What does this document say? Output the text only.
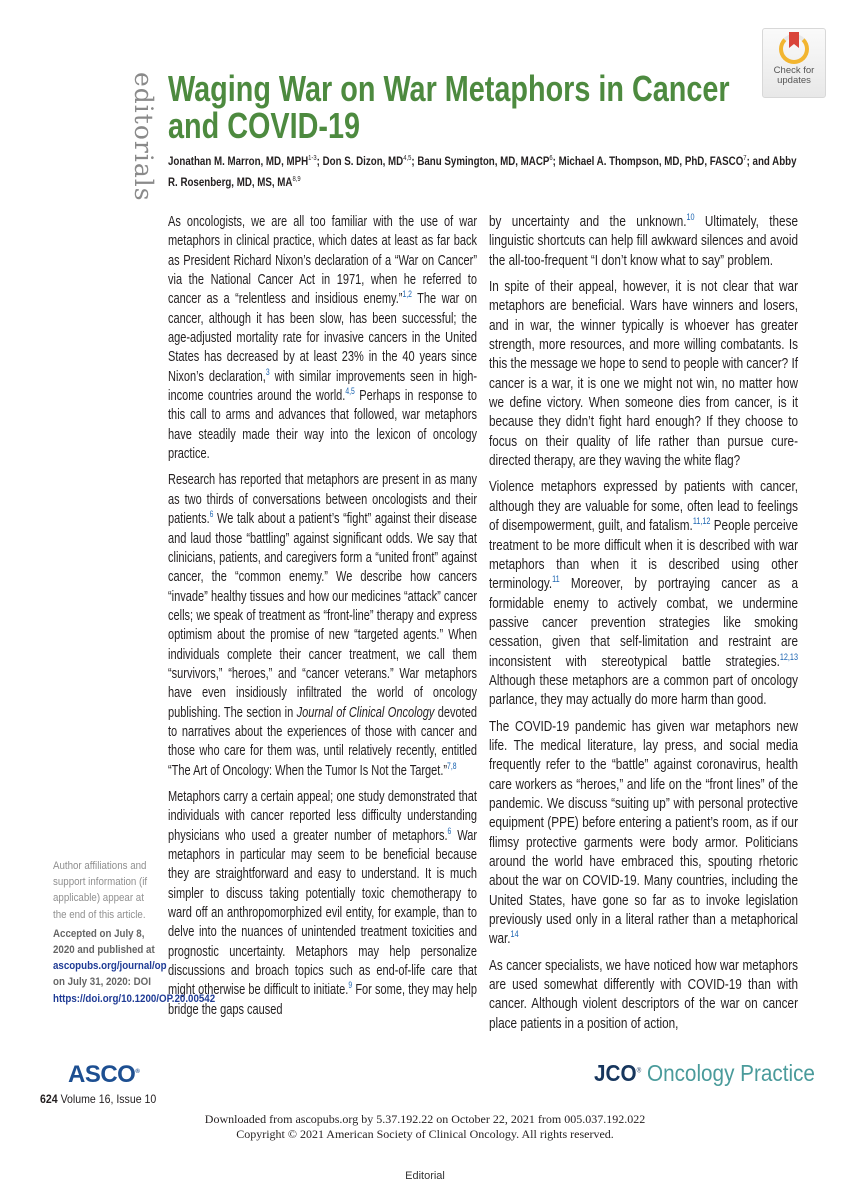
editorials Waging War on War Metaphors in Cancer and COVID-19
Jonathan M. Marron, MD, MPH$^{1-3}$; Don S. Dizon, MD$^{4,5}$; Banu Symington, MD, MACP$^6$; Michael A. Thompson, MD, PhD, FASCO$^7$; and Abby R. Rosenberg, MD, MS, MA$^{8,9}$
Check for
updates

As oncologists, we are all too familiar with the use of war metaphors in clinical practice, which dates at least as far back as President Richard Nixon’s declaration of a “War on Cancer” via the National Cancer Act in 1971, when he referred to cancer as a “relentless and insidious enemy.”$^{1,2}$ The war on cancer, although it has been slow, has been successful; the age-adjusted mortality rate for invasive cancers in the United States has decreased by at least 23% in the 40 years since Nixon’s declaration,$^3$ with similar improvements seen in high-income countries around the world.$^{4,5}$ Perhaps in response to this call to arms and advances that followed, war metaphors have steadily made their way into the lexicon of oncology practice.

Research has reported that metaphors are present in as many as two thirds of conversations between oncologists and their patients.$^6$ We talk about a patient’s “fight” against their disease and laud those “battling” against significant odds. We say that clinicians, patients, and caregivers form a “united front” against cancer, the “common enemy.” We describe how cancers “invade” healthy tissues and how our medicines “attack” cancer cells; we speak of treatment as “front-line” therapy and express optimism about the promise of new “targeted agents.” When individuals complete their cancer treatment, we call them “survivors,” “heroes,” and “cancer veterans.” War metaphors have even insidiously infiltrated the world of oncology publishing. The section in Journal of Clinical Oncology devoted to narratives about the experiences of those with cancer and those who care for them was, until relatively recently, entitled “The Art of Oncology: When the Tumor Is Not the Target.”$^{7,8}$

Metaphors carry a certain appeal; one study demonstrated that individuals with cancer reported less difficulty understanding physicians who used a greater number of metaphors.$^6$ War metaphors in particular may seem to be beneficial because they are straightforward and easy to understand. It is much simpler to discuss taking potentially toxic chemotherapy to ward off an anthropomorphized evil entity, for example, than to delve into the nuances of unintended treatment toxicities and prognostic uncertainty. Metaphors may help personalize discussions and broach topics such as end-of-life care that might otherwise be difficult to initiate.$^9$ For some, they may help bridge the gaps caused

by uncertainty and the unknown.$^{10}$ Ultimately, these linguistic shortcuts can help fill awkward silences and avoid the all-too-frequent “I don’t know what to say” problem.

In spite of their appeal, however, it is not clear that war metaphors are beneficial. Wars have winners and losers, and in war, the winner typically is whoever has greater strength, more resources, and more willing combatants. Is this the message we hope to send to people with cancer? If cancer is a war, it is one we might not win, no matter how we define victory. When someone dies from cancer, is it because they didn’t fight hard enough? If they choose to focus on their quality of life rather than pursue cure-directed therapy, are they waving the white flag?

Violence metaphors expressed by patients with cancer, although they are valuable for some, often lead to feelings of disempowerment, guilt, and fatalism.$^{11,12}$ People perceive treatment to be more difficult when it is described with war metaphors than when it is described using other terminology.$^{11}$ Moreover, by portraying cancer as a formidable enemy to actively combat, we undermine passive cancer prevention strategies like smoking cessation, given that self-limitation and restraint are inconsistent with stereotypical battle strategies.$^{12,13}$ Although these metaphors are a common part of oncology parlance, they may actually do more harm than good.

The COVID-19 pandemic has given war metaphors new life. The medical literature, lay press, and social media frequently refer to the “battle” against coronavirus, health care workers as “heroes,” and life on the “front lines” of the pandemic. We discuss “suiting up” with personal protective equipment (PPE) before entering a patient’s room, as if our flimsy protective garments were body armor. Politicians around the world have embraced this, spouting rhetoric about the war on COVID-19. Many countries, including the United States, have gone so far as to invoke legislation previously used only in a literal rather than a metaphorical war.$^{14}$

As cancer specialists, we have noticed how war metaphors are used somewhat differently with COVID-19 than with cancer. Although violent descriptors of the war on cancer place patients in a position of action,

Author affiliations and support information (if applicable) appear at the end of this article.
Accepted on July 8, 2020 and published at ascopubs.org/journal/op on July 31, 2020: DOI https://doi.org/10.1200/OP.20.00542
ASCO®
624 Volume 16, Issue 10
JCO® Oncology Practice
Downloaded from ascopubs.org by 5.37.192.22 on October 22, 2021 from 005.037.192.022
Copyright © 2021 American Society of Clinical Oncology. All rights reserved.
Editorial
